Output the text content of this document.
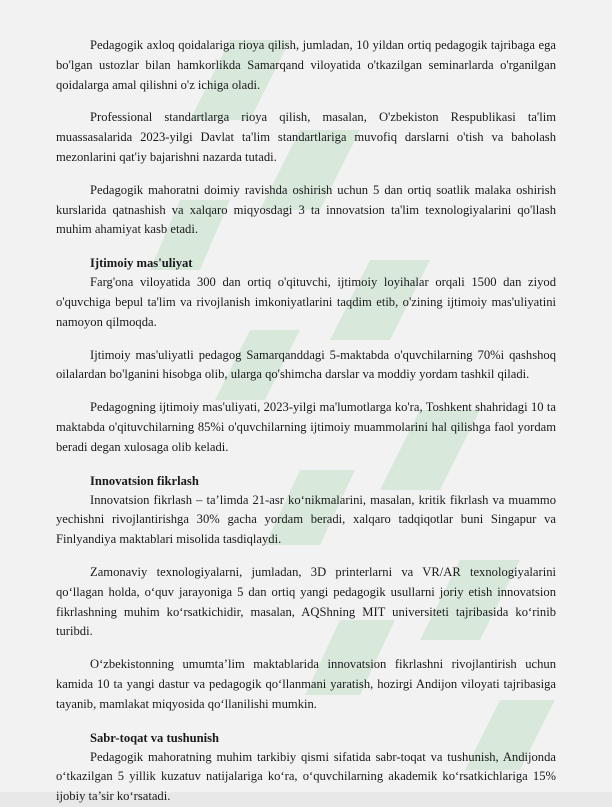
Pedagogik axloq qoidalariga rioya qilish, jumladan, 10 yildan ortiq pedagogik tajribaga ega bo'lgan ustozlar bilan hamkorlikda Samarqand viloyatida o'tkazilgan seminarlarda o'rganilgan qoidalarga amal qilishni o'z ichiga oladi.

Professional standartlarga rioya qilish, masalan, O'zbekiston Respublikasi ta'lim muassasalarida 2023-yilgi Davlat ta'lim standartlariga muvofiq darslarni o'tish va baholash mezonlarini qat'iy bajarishni nazarda tutadi.

Pedagogik mahoratni doimiy ravishda oshirish uchun 5 dan ortiq soatlik malaka oshirish kurslarida qatnashish va xalqaro miqyosdagi 3 ta innovatsion ta'lim texnologiyalarini qo'llash muhim ahamiyat kasb etadi.

Ijtimoiy mas'uliyat

Farg'ona viloyatida 300 dan ortiq o'qituvchi, ijtimoiy loyihalar orqali 1500 dan ziyod o'quvchiga bepul ta'lim va rivojlanish imkoniyatlarini taqdim etib, o'zining ijtimoiy mas'uliyatini namoyon qilmoqda.

Ijtimoiy mas'uliyatli pedagog Samarqanddagi 5-maktabda o'quvchilarning 70%i qashshoq oilalardan bo'lganini hisobga olib, ularga qo'shimcha darslar va moddiy yordam tashkil qiladi.

Pedagogning ijtimoiy mas'uliyati, 2023-yilgi ma'lumotlarga ko'ra, Toshkent shahridagi 10 ta maktabda o'qituvchilarning 85%i o'quvchilarning ijtimoiy muammolarini hal qilishga faol yordam beradi degan xulosaga olib keladi.

Innovatsion fikrlash

Innovatsion fikrlash – ta’limda 21-asr ko‘nikmalarini, masalan, kritik fikrlash va muammo yechishni rivojlantirishga 30% gacha yordam beradi, xalqaro tadqiqotlar buni Singapur va Finlyandiya maktablari misolida tasdiqlaydi.

Zamonaviy texnologiyalarni, jumladan, 3D printerlarni va VR/AR texnologiyalarini qo‘llagan holda, o‘quv jarayoniga 5 dan ortiq yangi pedagogik usullarni joriy etish innovatsion fikrlashning muhim ko‘rsatkichidir, masalan, AQShning MIT universiteti tajribasida ko‘rinib turibdi.

O‘zbekistonning umumta’lim maktablarida innovatsion fikrlashni rivojlantirish uchun kamida 10 ta yangi dastur va pedagogik qo‘llanmani yaratish, hozirgi Andijon viloyati tajribasiga tayanib, mamlakat miqyosida qo‘llanilishi mumkin.

Sabr-toqat va tushunish

Pedagogik mahoratning muhim tarkibiy qismi sifatida sabr-toqat va tushunish, Andijonda o‘tkazilgan 5 yillik kuzatuv natijalariga ko‘ra, o‘quvchilarning akademik ko‘rsatkichlariga 15% ijobiy ta’sir ko‘rsatadi.
